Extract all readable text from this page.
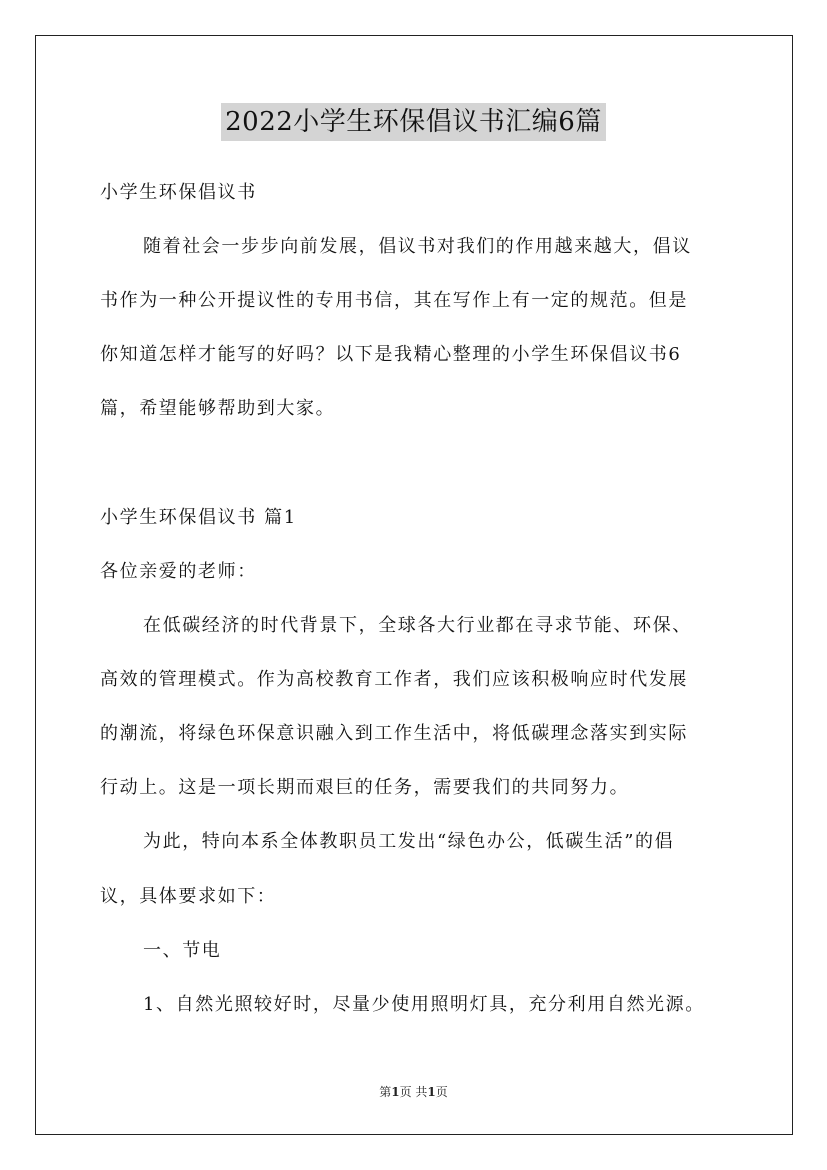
2022小学生环保倡议书汇编6篇
小学生环保倡议书
随着社会一步步向前发展，倡议书对我们的作用越来越大，倡议
书作为一种公开提议性的专用书信，其在写作上有一定的规范。但是
你知道怎样才能写的好吗？以下是我精心整理的小学生环保倡议书6
篇，希望能够帮助到大家。
小学生环保倡议书 篇1
各位亲爱的老师：
在低碳经济的时代背景下，全球各大行业都在寻求节能、环保、
高效的管理模式。作为高校教育工作者，我们应该积极响应时代发展
的潮流，将绿色环保意识融入到工作生活中，将低碳理念落实到实际
行动上。这是一项长期而艰巨的任务，需要我们的共同努力。
为此，特向本系全体教职员工发出“绿色办公，低碳生活”的倡
议，具体要求如下：
一、节电
1、自然光照较好时，尽量少使用照明灯具，充分利用自然光源。
第1页 共1页
